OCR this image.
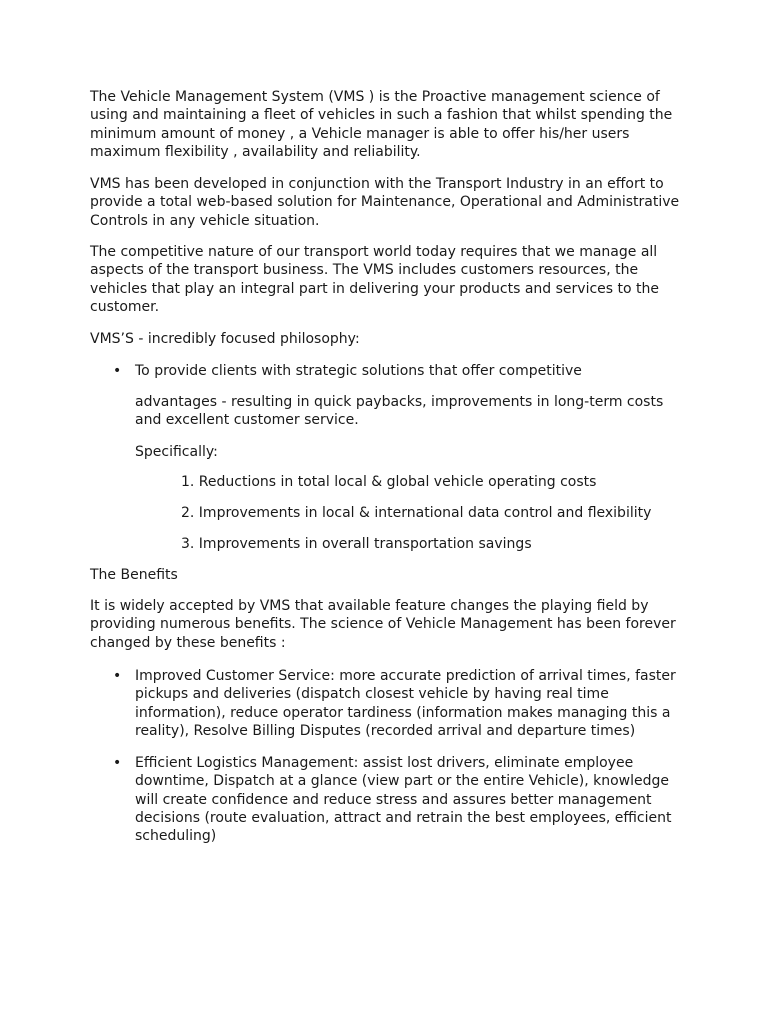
The Vehicle Management System (VMS ) is the Proactive management science of
using and maintaining a fleet of vehicles in such a fashion that whilst spending the
minimum amount of money , a Vehicle manager is able to offer his/her users
maximum flexibility , availability and reliability.
VMS has been developed in conjunction with the Transport Industry in an effort to
provide a total web-based solution for Maintenance, Operational and Administrative
Controls in any vehicle situation.
The competitive nature of our transport world today requires that we manage all
aspects of the transport business. The VMS includes customers resources, the
vehicles that play an integral part in delivering your products and services to the
customer.
VMS’S - incredibly focused philosophy:
• To provide clients with strategic solutions that offer competitive
advantages - resulting in quick paybacks, improvements in long-term costs
and excellent customer service.
Specifically:
1. Reductions in total local & global vehicle operating costs
2. Improvements in local & international data control and flexibility
3. Improvements in overall transportation savings
The Benefits
It is widely accepted by VMS that available feature changes the playing field by
providing numerous benefits. The science of Vehicle Management has been forever
changed by these benefits :
• Improved Customer Service: more accurate prediction of arrival times, faster
pickups and deliveries (dispatch closest vehicle by having real time
information), reduce operator tardiness (information makes managing this a
reality), Resolve Billing Disputes (recorded arrival and departure times)
• Efficient Logistics Management: assist lost drivers, eliminate employee
downtime, Dispatch at a glance (view part or the entire Vehicle), knowledge
will create confidence and reduce stress and assures better management
decisions (route evaluation, attract and retrain the best employees, efficient
scheduling)
